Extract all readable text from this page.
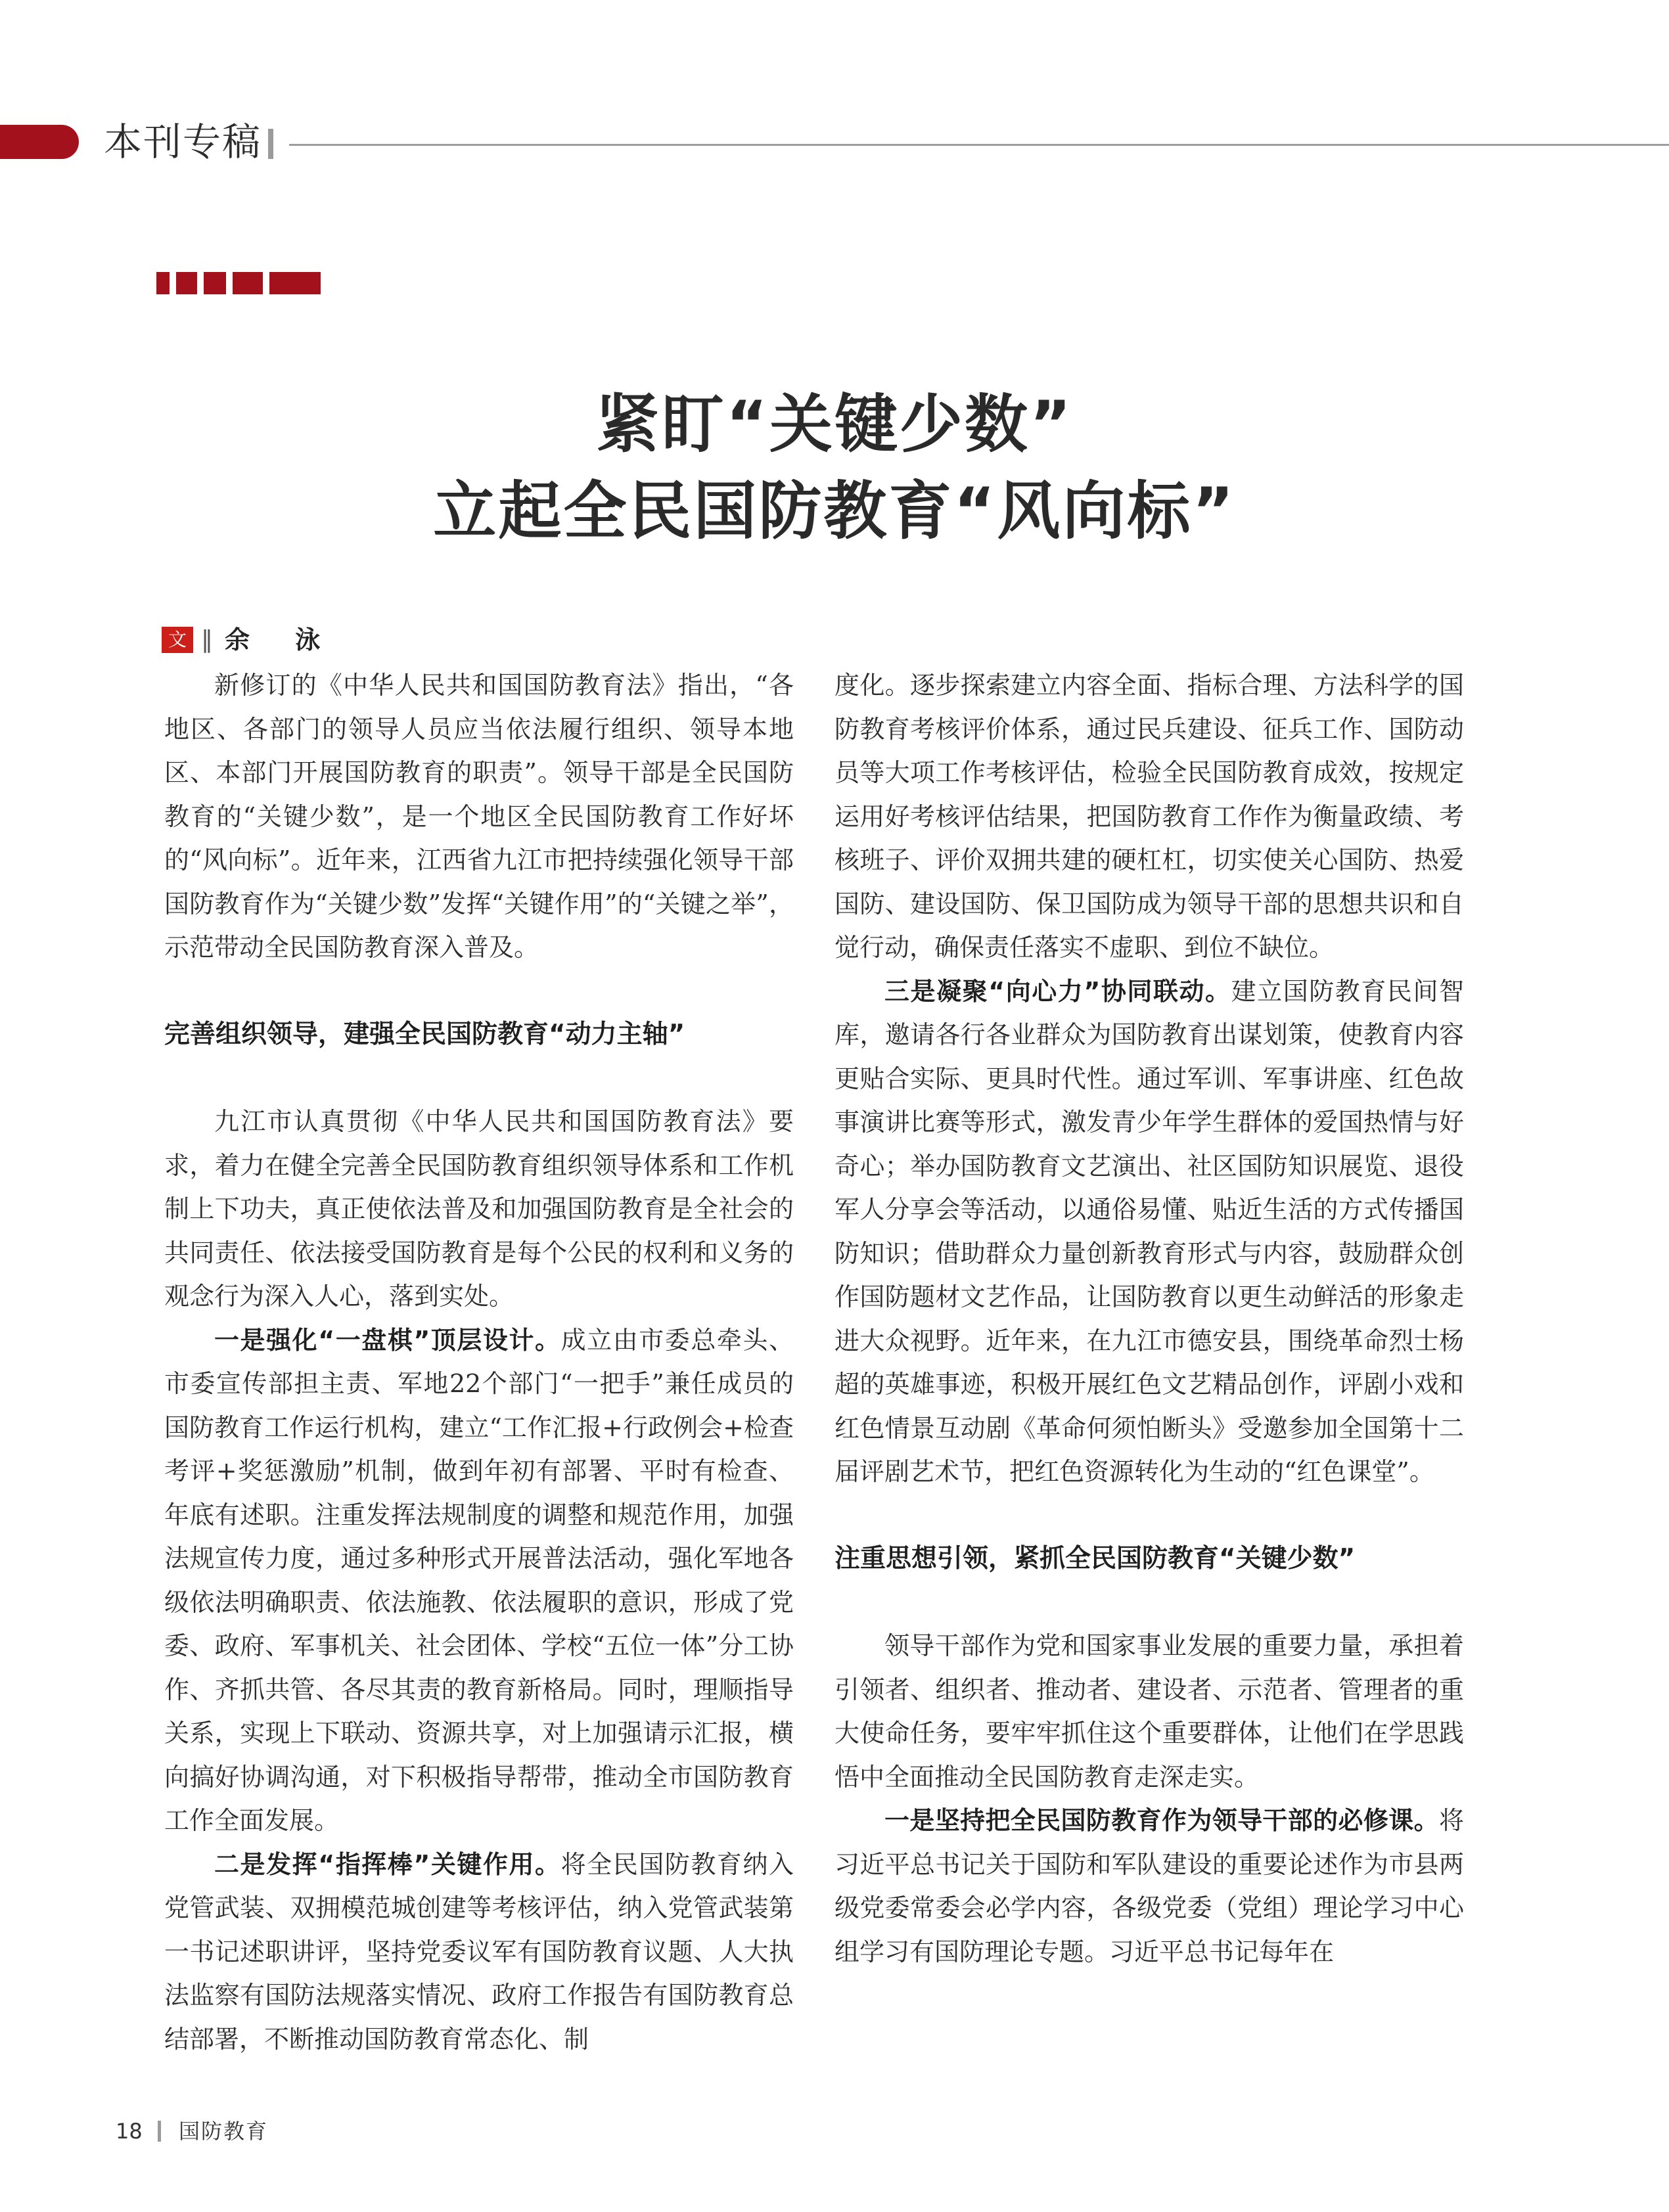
本刊专稿
紧盯“关键少数”
立起全民国防教育“风向标”
文 ‖ 余 泳

新修订的《中华人民共和国国防教育法》指出，“各地区、各部门的领导人员应当依法履行组织、领导本地区、本部门开展国防教育的职责”。领导干部是全民国防教育的“关键少数”，是一个地区全民国防教育工作好坏的“风向标”。近年来，江西省九江市把持续强化领导干部国防教育作为“关键少数”发挥“关键作用”的“关键之举”，示范带动全民国防教育深入普及。

完善组织领导，建强全民国防教育“动力主轴”

九江市认真贯彻《中华人民共和国国防教育法》要求，着力在健全完善全民国防教育组织领导体系和工作机制上下功夫，真正使依法普及和加强国防教育是全社会的共同责任、依法接受国防教育是每个公民的权利和义务的观念行为深入人心，落到实处。

一是强化“一盘棋”顶层设计。成立由市委总牵头、市委宣传部担主责、军地22个部门“一把手”兼任成员的国防教育工作运行机构，建立“工作汇报+行政例会+检查考评+奖惩激励”机制，做到年初有部署、平时有检查、年底有述职。注重发挥法规制度的调整和规范作用，加强法规宣传力度，通过多种形式开展普法活动，强化军地各级依法明确职责、依法施教、依法履职的意识，形成了党委、政府、军事机关、社会团体、学校“五位一体”分工协作、齐抓共管、各尽其责的教育新格局。同时，理顺指导关系，实现上下联动、资源共享，对上加强请示汇报，横向搞好协调沟通，对下积极指导帮带，推动全市国防教育工作全面发展。

二是发挥“指挥棒”关键作用。将全民国防教育纳入党管武装、双拥模范城创建等考核评估，纳入党管武装第一书记述职讲评，坚持党委议军有国防教育议题、人大执法监察有国防法规落实情况、政府工作报告有国防教育总结部署，不断推动国防教育常态化、制

度化。逐步探索建立内容全面、指标合理、方法科学的国防教育考核评价体系，通过民兵建设、征兵工作、国防动员等大项工作考核评估，检验全民国防教育成效，按规定运用好考核评估结果，把国防教育工作作为衡量政绩、考核班子、评价双拥共建的硬杠杠，切实使关心国防、热爱国防、建设国防、保卫国防成为领导干部的思想共识和自觉行动，确保责任落实不虚职、到位不缺位。

三是凝聚“向心力”协同联动。建立国防教育民间智库，邀请各行各业群众为国防教育出谋划策，使教育内容更贴合实际、更具时代性。通过军训、军事讲座、红色故事演讲比赛等形式，激发青少年学生群体的爱国热情与好奇心；举办国防教育文艺演出、社区国防知识展览、退役军人分享会等活动，以通俗易懂、贴近生活的方式传播国防知识；借助群众力量创新教育形式与内容，鼓励群众创作国防题材文艺作品，让国防教育以更生动鲜活的形象走进大众视野。近年来，在九江市德安县，围绕革命烈士杨超的英雄事迹，积极开展红色文艺精品创作，评剧小戏和红色情景互动剧《革命何须怕断头》受邀参加全国第十二届评剧艺术节，把红色资源转化为生动的“红色课堂”。

注重思想引领，紧抓全民国防教育“关键少数”

领导干部作为党和国家事业发展的重要力量，承担着引领者、组织者、推动者、建设者、示范者、管理者的重大使命任务，要牢牢抓住这个重要群体，让他们在学思践悟中全面推动全民国防教育走深走实。

一是坚持把全民国防教育作为领导干部的必修课。将习近平总书记关于国防和军队建设的重要论述作为市县两级党委常委会必学内容，各级党委（党组）理论学习中心组学习有国防理论专题。习近平总书记每年在

18 国防教育
